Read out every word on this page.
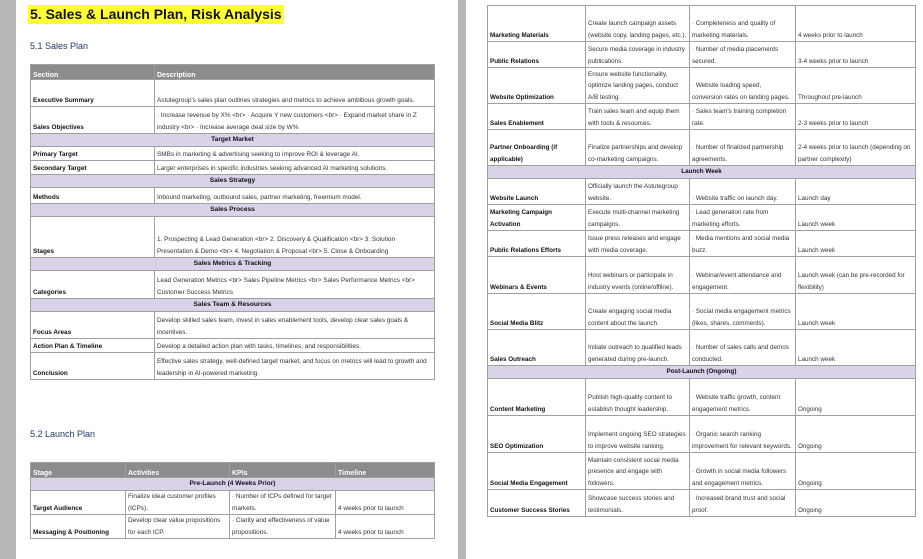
5. Sales & Launch Plan, Risk Analysis
5.1 Sales Plan
Section	Description
Executive Summary	Astutegroup's sales plan outlines strategies and metrics to achieve ambitious growth goals.
Sales Objectives	· Increase revenue by X% <br> · Acquire Y new customers <br> · Expand market share in Z industry <br> · Increase average deal size by W%
Target Market	
Primary Target	SMBs in marketing & advertising seeking to improve ROI & leverage AI.
Secondary Target	Larger enterprises in specific industries seeking advanced AI marketing solutions.
Sales Strategy	
Methods	Inbound marketing, outbound sales, partner marketing, freemium model.
Sales Process	
Stages	1. Prospecting & Lead Generation <br> 2. Discovery & Qualification <br> 3. Solution Presentation & Demo <br> 4. Negotiation & Proposal <br> 5. Close & Onboarding
Sales Metrics & Tracking	
Categories	Lead Generation Metrics <br> Sales Pipeline Metrics <br> Sales Performance Metrics <br> Customer Success Metrics
Sales Team & Resources	
Focus Areas	Develop skilled sales team, invest in sales enablement tools, develop clear sales goals & incentives.
Action Plan & Timeline	Develop a detailed action plan with tasks, timelines, and responsibilities.
Conclusion	Effective sales strategy, well-defined target market, and focus on metrics will lead to growth and leadership in AI-powered marketing.
5.2 Launch Plan
Stage	Activities	KPIs	Timeline
Pre-Launch (4 Weeks Prior)			
Target Audience	Finalize ideal customer profiles (ICPs).	· Number of ICPs defined for target markets.	4 weeks prior to launch
Messaging & Positioning	Develop clear value propositions for each ICP.	· Clarity and effectiveness of value propositions.	4 weeks prior to launch
Marketing Materials	Create launch campaign assets (website copy, landing pages, etc.).	· Completeness and quality of marketing materials.	4 weeks prior to launch
Public Relations	Secure media coverage in industry publications.	· Number of media placements secured.	3-4 weeks prior to launch
Website Optimization	Ensure website functionality, optimize landing pages, conduct A/B testing.	· Website loading speed, conversion rates on landing pages.	Throughout pre-launch
Sales Enablement	Train sales team and equip them with tools & resources.	· Sales team's training completion rate.	2-3 weeks prior to launch
Partner Onboarding (if applicable)	Finalize partnerships and develop co-marketing campaigns.	· Number of finalized partnership agreements.	2-4 weeks prior to launch (depending on partner complexity)
Launch Week			
Website Launch	Officially launch the Astutegroup website.	· Website traffic on launch day.	Launch day
Marketing Campaign Activation	Execute multi-channel marketing campaigns.	· Lead generation rate from marketing efforts.	Launch week
Public Relations Efforts	Issue press releases and engage with media coverage.	· Media mentions and social media buzz.	Launch week
Webinars & Events	Host webinars or participate in industry events (online/offline).	· Webinar/event attendance and engagement.	Launch week (can be pre-recorded for flexibility)
Social Media Blitz	Create engaging social media content about the launch.	· Social media engagement metrics (likes, shares, comments).	Launch week
Sales Outreach	Initiate outreach to qualified leads generated during pre-launch.	· Number of sales calls and demos conducted.	Launch week
Post-Launch (Ongoing)			
Content Marketing	Publish high-quality content to establish thought leadership.	· Website traffic growth, content engagement metrics.	Ongoing
SEO Optimization	Implement ongoing SEO strategies to improve website ranking.	· Organic search ranking improvement for relevant keywords.	Ongoing
Social Media Engagement	Maintain consistent social media presence and engage with followers.	· Growth in social media followers and engagement metrics.	Ongoing
Customer Success Stories	Showcase success stories and testimonials.	· Increased brand trust and social proof.	Ongoing
